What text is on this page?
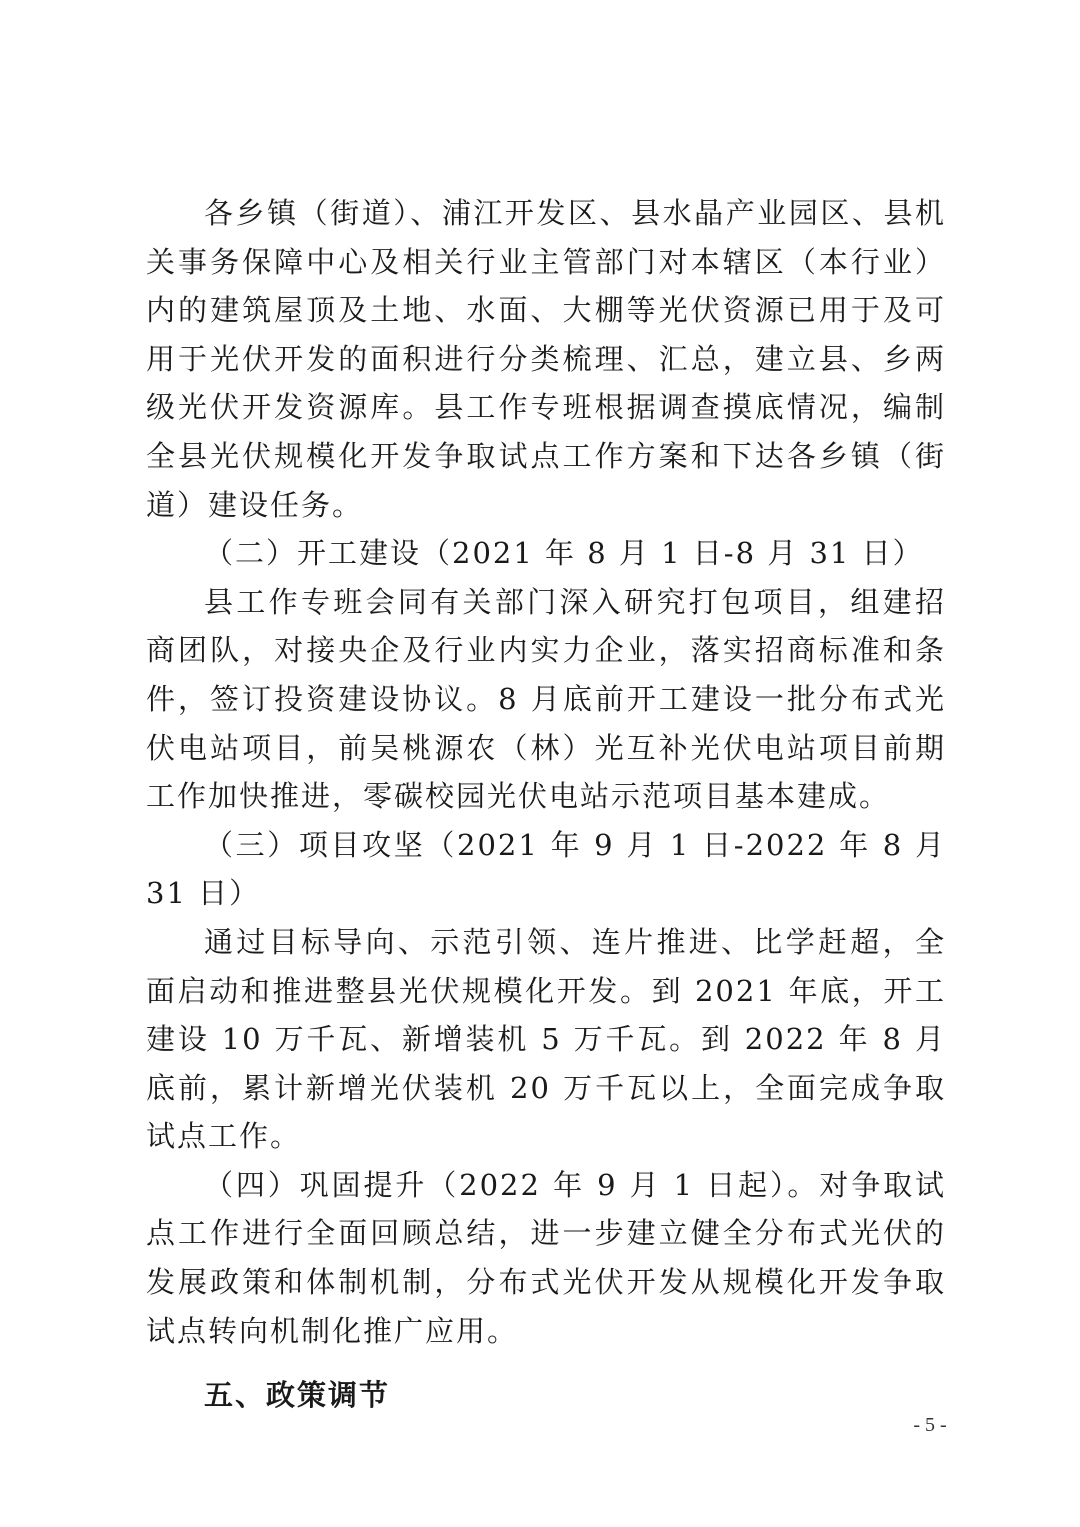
各乡镇（街道）、浦江开发区、县水晶产业园区、县机关事务保障中心及相关行业主管部门对本辖区（本行业）内的建筑屋顶及土地、水面、大棚等光伏资源已用于及可用于光伏开发的面积进行分类梳理、汇总，建立县、乡两级光伏开发资源库。县工作专班根据调查摸底情况，编制全县光伏规模化开发争取试点工作方案和下达各乡镇（街道）建设任务。

（二）开工建设（2021 年 8 月 1 日-8 月 31 日）

县工作专班会同有关部门深入研究打包项目，组建招商团队，对接央企及行业内实力企业，落实招商标准和条件，签订投资建设协议。8 月底前开工建设一批分布式光伏电站项目，前吴桃源农（林）光互补光伏电站项目前期工作加快推进，零碳校园光伏电站示范项目基本建成。

（三）项目攻坚（2021 年 9 月 1 日-2022 年 8 月 31 日）

通过目标导向、示范引领、连片推进、比学赶超，全面启动和推进整县光伏规模化开发。到 2021 年底，开工建设 10 万千瓦、新增装机 5 万千瓦。到 2022 年 8 月底前，累计新增光伏装机 20 万千瓦以上，全面完成争取试点工作。

（四）巩固提升（2022 年 9 月 1 日起）。对争取试点工作进行全面回顾总结，进一步建立健全分布式光伏的发展政策和体制机制，分布式光伏开发从规模化开发争取试点转向机制化推广应用。

五、政策调节

- 5 -
